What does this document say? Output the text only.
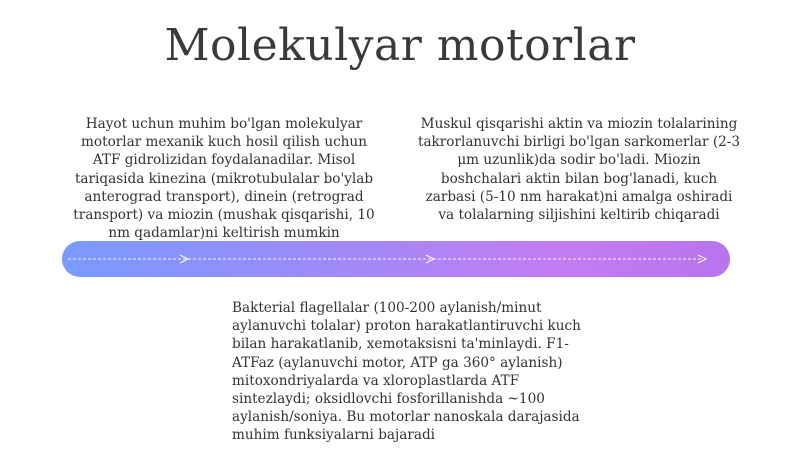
Molekulyar motorlar

Hayot uchun muhim bo'lgan molekulyar motorlar mexanik kuch hosil qilish uchun ATF gidrolizidan foydalanadilar. Misol tariqasida kinezina (mikrotubulalar bo'ylab anterograd transport), dinein (retrograd transport) va miozin (mushak qisqarishi, 10 nm qadamlar)ni keltirish mumkin

Muskul qisqarishi aktin va miozin tolalarining takrorlanuvchi birligi bo'lgan sarkomerlar (2-3 μm uzunlik)da sodir bo'ladi. Miozin boshchalari aktin bilan bog'lanadi, kuch zarbasi (5-10 nm harakat)ni amalga oshiradi va tolalarning siljishini keltirib chiqaradi

Bakterial flagellalar (100-200 aylanish/minut aylanuvchi tolalar) proton harakatlantiruvchi kuch bilan harakatlanib, xemotaksisni ta'minlaydi. F1-ATFaz (aylanuvchi motor, ATP ga 360° aylanish) mitoxondriyalarda va xloroplastlarda ATF sintezlaydi; oksidlovchi fosforillanishda ~100 aylanish/soniya. Bu motorlar nanoskala darajasida muhim funksiyalarni bajaradi
